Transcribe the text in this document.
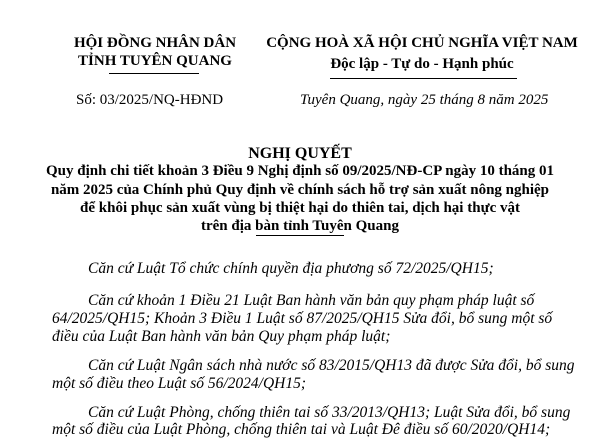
HỘI ĐỒNG NHÂN DÂN
TỈNH TUYÊN QUANG
CỘNG HOÀ XÃ HỘI CHỦ NGHĨA VIỆT NAM
Độc lập - Tự do - Hạnh phúc
Số: 03/2025/NQ-HĐND	Tuyên Quang, ngày 25 tháng 8 năm 2025
NGHỊ QUYẾT
Quy định chi tiết khoản 3 Điều 9 Nghị định số 09/2025/NĐ-CP ngày 10 tháng 01
năm 2025 của Chính phủ Quy định về chính sách hỗ trợ sản xuất nông nghiệp
để khôi phục sản xuất vùng bị thiệt hại do thiên tai, dịch hại thực vật
trên địa bàn tỉnh Tuyên Quang
Căn cứ Luật Tổ chức chính quyền địa phương số 72/2025/QH15;
Căn cứ khoản 1 Điều 21 Luật Ban hành văn bản quy phạm pháp luật số
64/2025/QH15; Khoản 3 Điều 1 Luật số 87/2025/QH15 Sửa đổi, bổ sung một số
điều của Luật Ban hành văn bản Quy phạm pháp luật;
Căn cứ Luật Ngân sách nhà nước số 83/2015/QH13 đã được Sửa đổi, bổ sung
một số điều theo Luật số 56/2024/QH15;
Căn cứ Luật Phòng, chống thiên tai số 33/2013/QH13; Luật Sửa đổi, bổ sung
một số điều của Luật Phòng, chống thiên tai và Luật Đê điều số 60/2020/QH14;
